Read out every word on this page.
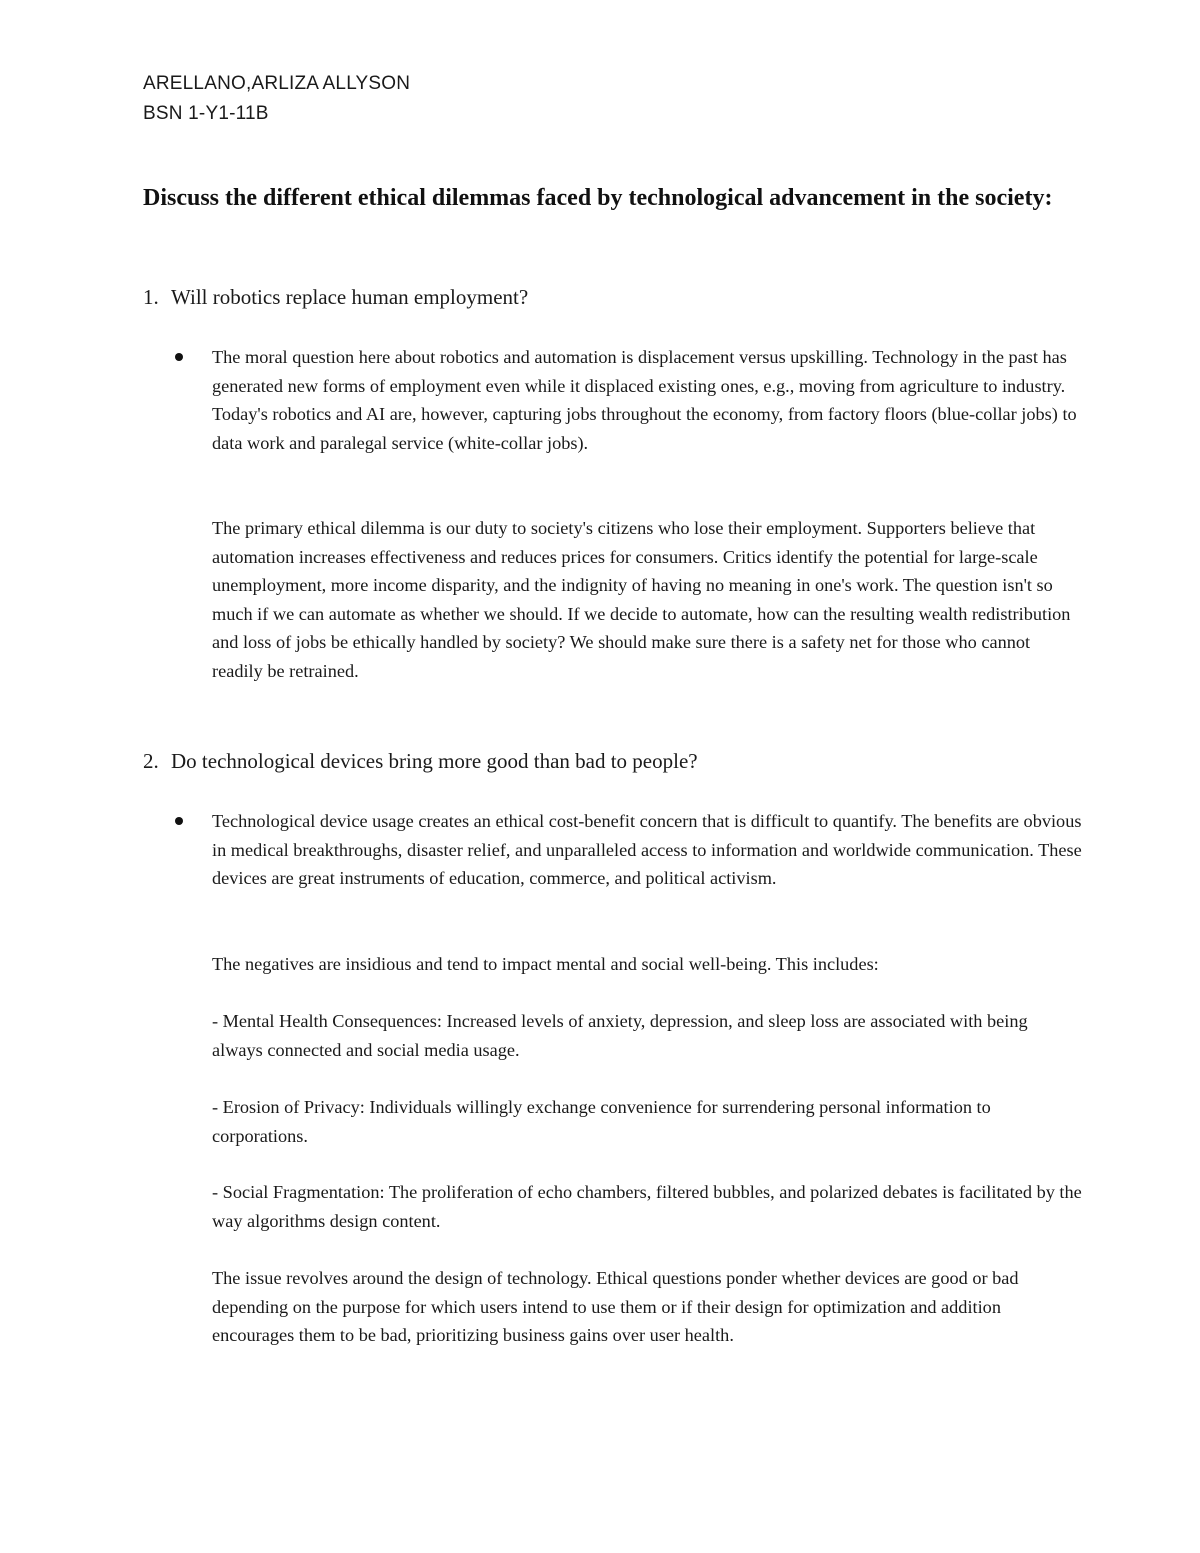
ARELLANO,ARLIZA ALLYSON
BSN 1-Y1-11B
Discuss the different ethical dilemmas faced by technological advancement in the society:
1. Will robotics replace human employment?
The moral question here about robotics and automation is displacement versus upskilling. Technology in the past has generated new forms of employment even while it displaced existing ones, e.g., moving from agriculture to industry. Today's robotics and AI are, however, capturing jobs throughout the economy, from factory floors (blue-collar jobs) to data work and paralegal service (white-collar jobs).
The primary ethical dilemma is our duty to society's citizens who lose their employment. Supporters believe that automation increases effectiveness and reduces prices for consumers. Critics identify the potential for large-scale unemployment, more income disparity, and the indignity of having no meaning in one's work. The question isn't so much if we can automate as whether we should. If we decide to automate, how can the resulting wealth redistribution and loss of jobs be ethically handled by society? We should make sure there is a safety net for those who cannot readily be retrained.
2. Do technological devices bring more good than bad to people?
Technological device usage creates an ethical cost-benefit concern that is difficult to quantify. The benefits are obvious in medical breakthroughs, disaster relief, and unparalleled access to information and worldwide communication. These devices are great instruments of education, commerce, and political activism.
The negatives are insidious and tend to impact mental and social well-being. This includes:
- Mental Health Consequences: Increased levels of anxiety, depression, and sleep loss are associated with being always connected and social media usage.
- Erosion of Privacy: Individuals willingly exchange convenience for surrendering personal information to corporations.
- Social Fragmentation: The proliferation of echo chambers, filtered bubbles, and polarized debates is facilitated by the way algorithms design content.
The issue revolves around the design of technology. Ethical questions ponder whether devices are good or bad depending on the purpose for which users intend to use them or if their design for optimization and addition encourages them to be bad, prioritizing business gains over user health.
